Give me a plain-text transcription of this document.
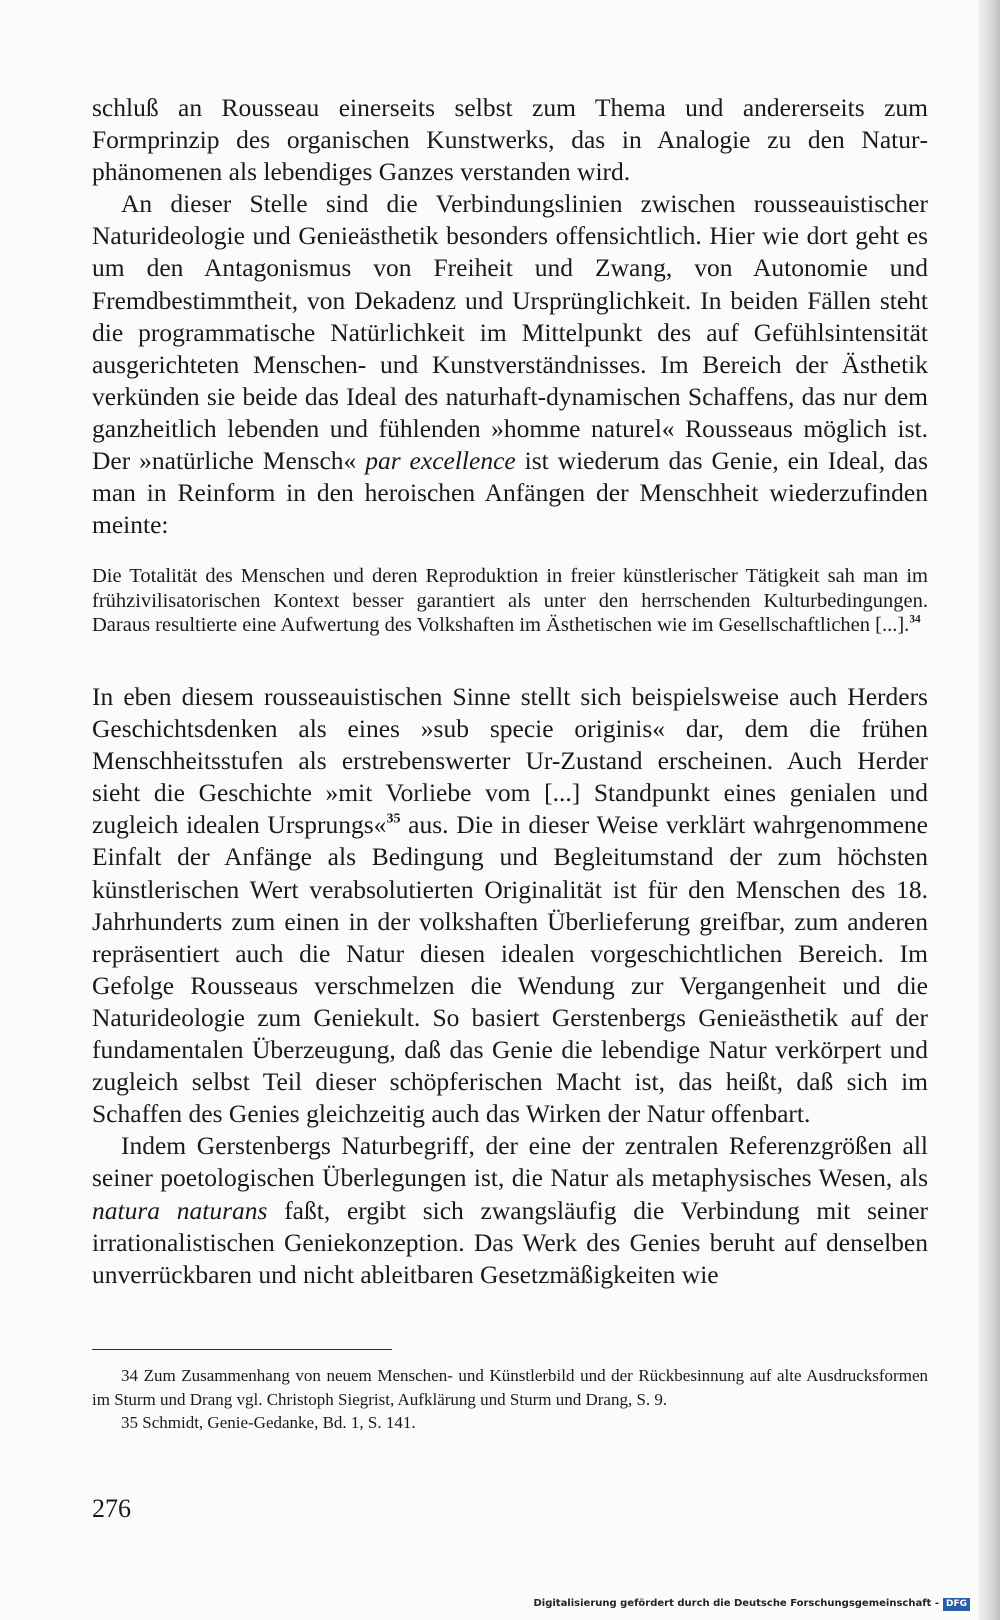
schluß an Rousseau einerseits selbst zum Thema und andererseits zum Formprinzip des organischen Kunstwerks, das in Analogie zu den Naturphänomenen als lebendiges Ganzes verstanden wird.

An dieser Stelle sind die Verbindungslinien zwischen rousseauistischer Naturideologie und Genieästhetik besonders offensichtlich. Hier wie dort geht es um den Antagonismus von Freiheit und Zwang, von Autonomie und Fremdbestimmtheit, von Dekadenz und Ursprünglichkeit. In beiden Fällen steht die programmatische Natürlichkeit im Mittelpunkt des auf Gefühlsintensität ausgerichteten Menschen- und Kunstverständnisses. Im Bereich der Ästhetik verkünden sie beide das Ideal des naturhaft-dynamischen Schaffens, das nur dem ganzheitlich lebenden und fühlenden »homme naturel« Rousseaus möglich ist. Der »natürliche Mensch« par excellence ist wiederum das Genie, ein Ideal, das man in Reinform in den heroischen Anfängen der Menschheit wiederzufinden meinte:

Die Totalität des Menschen und deren Reproduktion in freier künstlerischer Tätigkeit sah man im frühzivilisatorischen Kontext besser garantiert als unter den herrschenden Kulturbedingungen. Daraus resultierte eine Aufwertung des Volkshaften im Ästhetischen wie im Gesellschaftlichen [...].$^{34}$

In eben diesem rousseauistischen Sinne stellt sich beispielsweise auch Herders Geschichtsdenken als eines »sub specie originis« dar, dem die frühen Menschheitsstufen als erstrebenswerter Ur-Zustand erscheinen. Auch Herder sieht die Geschichte »mit Vorliebe vom [...] Standpunkt eines genialen und zugleich idealen Ursprungs«$^{35}$ aus. Die in dieser Weise verklärt wahrgenommene Einfalt der Anfänge als Bedingung und Begleitumstand der zum höchsten künstlerischen Wert verabsolutierten Originalität ist für den Menschen des 18. Jahrhunderts zum einen in der volkshaften Überlieferung greifbar, zum anderen repräsentiert auch die Natur diesen idealen vorgeschichtlichen Bereich. Im Gefolge Rousseaus verschmelzen die Wendung zur Vergangenheit und die Naturideologie zum Geniekult. So basiert Gerstenbergs Genieästhetik auf der fundamentalen Überzeugung, daß das Genie die lebendige Natur verkörpert und zugleich selbst Teil dieser schöpferischen Macht ist, das heißt, daß sich im Schaffen des Genies gleichzeitig auch das Wirken der Natur offenbart.

Indem Gerstenbergs Naturbegriff, der eine der zentralen Referenzgrößen all seiner poetologischen Überlegungen ist, die Natur als metaphysisches Wesen, als natura naturans faßt, ergibt sich zwangsläufig die Verbindung mit seiner irrationalistischen Geniekonzeption. Das Werk des Genies beruht auf denselben unverrückbaren und nicht ableitbaren Gesetzmäßigkeiten wie

34 Zum Zusammenhang von neuem Menschen- und Künstlerbild und der Rückbesinnung auf alte Ausdrucksformen im Sturm und Drang vgl. Christoph Siegrist, Aufklärung und Sturm und Drang, S. 9.

35 Schmidt, Genie-Gedanke, Bd. 1, S. 141.

276
Digitalisierung gefördert durch die Deutsche Forschungsgemeinschaft - DFG
